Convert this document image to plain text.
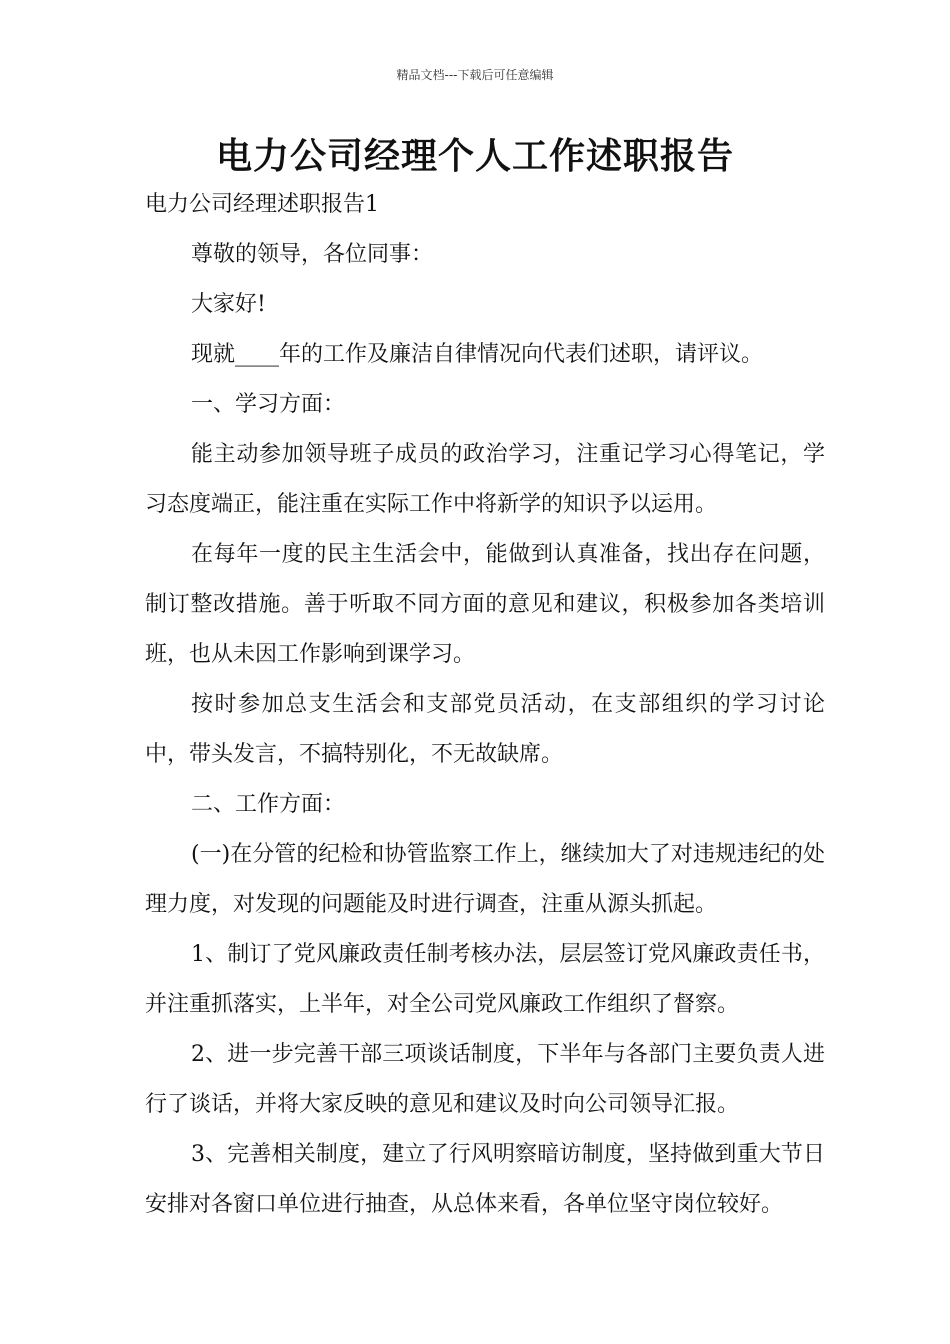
精品文档---下载后可任意编辑
电力公司经理个人工作述职报告

电力公司经理述职报告1

尊敬的领导，各位同事：

大家好!

现就____年的工作及廉洁自律情况向代表们述职，请评议。

一、学习方面：

能主动参加领导班子成员的政治学习，注重记学习心得笔记，学习态度端正，能注重在实际工作中将新学的知识予以运用。

在每年一度的民主生活会中，能做到认真准备，找出存在问题，制订整改措施。善于听取不同方面的意见和建议，积极参加各类培训班，也从未因工作影响到课学习。

按时参加总支生活会和支部党员活动，在支部组织的学习讨论中，带头发言，不搞特别化，不无故缺席。

二、工作方面：

(一)在分管的纪检和协管监察工作上，继续加大了对违规违纪的处理力度，对发现的问题能及时进行调查，注重从源头抓起。

1、制订了党风廉政责任制考核办法，层层签订党风廉政责任书，并注重抓落实，上半年，对全公司党风廉政工作组织了督察。

2、进一步完善干部三项谈话制度，下半年与各部门主要负责人进行了谈话，并将大家反映的意见和建议及时向公司领导汇报。

3、完善相关制度，建立了行风明察暗访制度，坚持做到重大节日安排对各窗口单位进行抽查，从总体来看，各单位坚守岗位较好。
